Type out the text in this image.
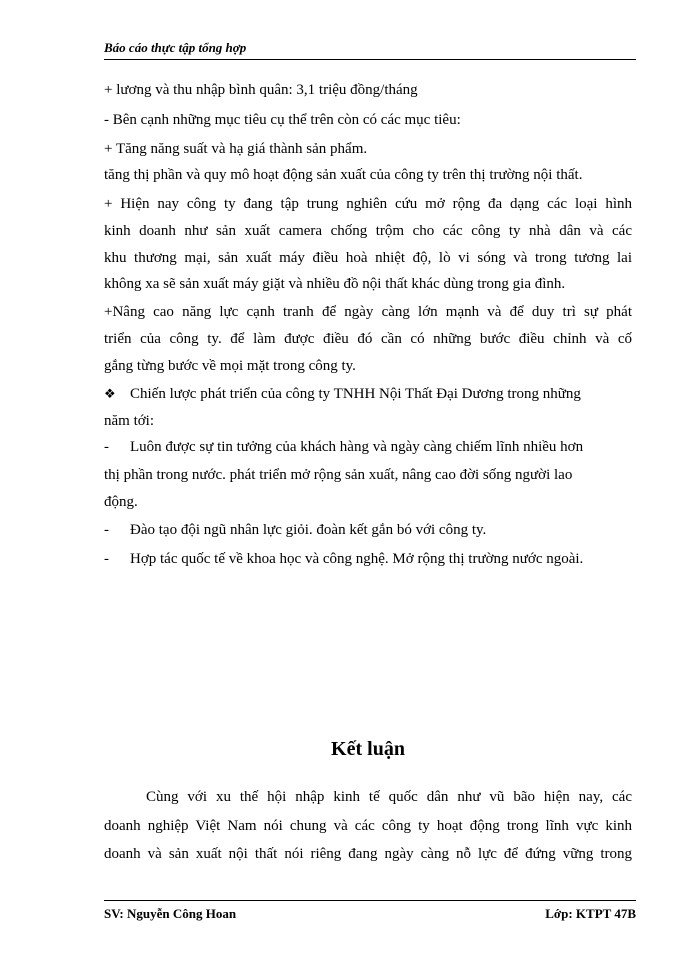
Báo cáo thực tập tổng hợp
+ lương và thu nhập bình quân: 3,1 triệu đồng/tháng
- Bên cạnh những mục tiêu cụ thể trên còn có các mục tiêu:
+ Tăng năng suất và hạ giá thành sản phẩm.
tăng thị phần và quy mô hoạt động sản xuất của công ty trên thị trường nội thất.
+ Hiện nay công ty đang tập trung nghiên cứu mở rộng đa dạng các loại hình
kinh doanh như sản xuất camera chống trộm cho các công ty nhà dân và các
khu thương mại, sản xuất máy điều hoà nhiệt độ, lò vi sóng và trong tương lai
không xa sẽ sản xuất máy giặt và nhiều đồ nội thất khác dùng trong gia đình.
+Nâng cao năng lực cạnh tranh để ngày càng lớn mạnh và để duy trì sự phát
triển của công ty. để làm được điều đó cần có những bước điều chỉnh và cố
gắng từng bước về mọi mặt trong công ty.
❖ Chiến lược phát triển của công ty TNHH Nội Thất Đại Dương trong những
năm tới:
- Luôn được sự tin tưởng của khách hàng và ngày càng chiếm lĩnh nhiều hơn
thị phần trong nước. phát triển mở rộng sản xuất, nâng cao đời sống người lao
động.
- Đào tạo đội ngũ nhân lực giỏi. đoàn kết gắn bó với công ty.
- Hợp tác quốc tế về khoa học và công nghệ. Mở rộng thị trường nước ngoài.
Kết luận
Cùng với xu thế hội nhập kinh tế quốc dân như vũ bão hiện nay, các
doanh nghiệp Việt Nam nói chung và các công ty hoạt động trong lĩnh vực kinh
doanh và sản xuất nội thất nói riêng đang ngày càng nỗ lực để đứng vững trong
SV: Nguyễn Công Hoan	Lớp: KTPT 47B
